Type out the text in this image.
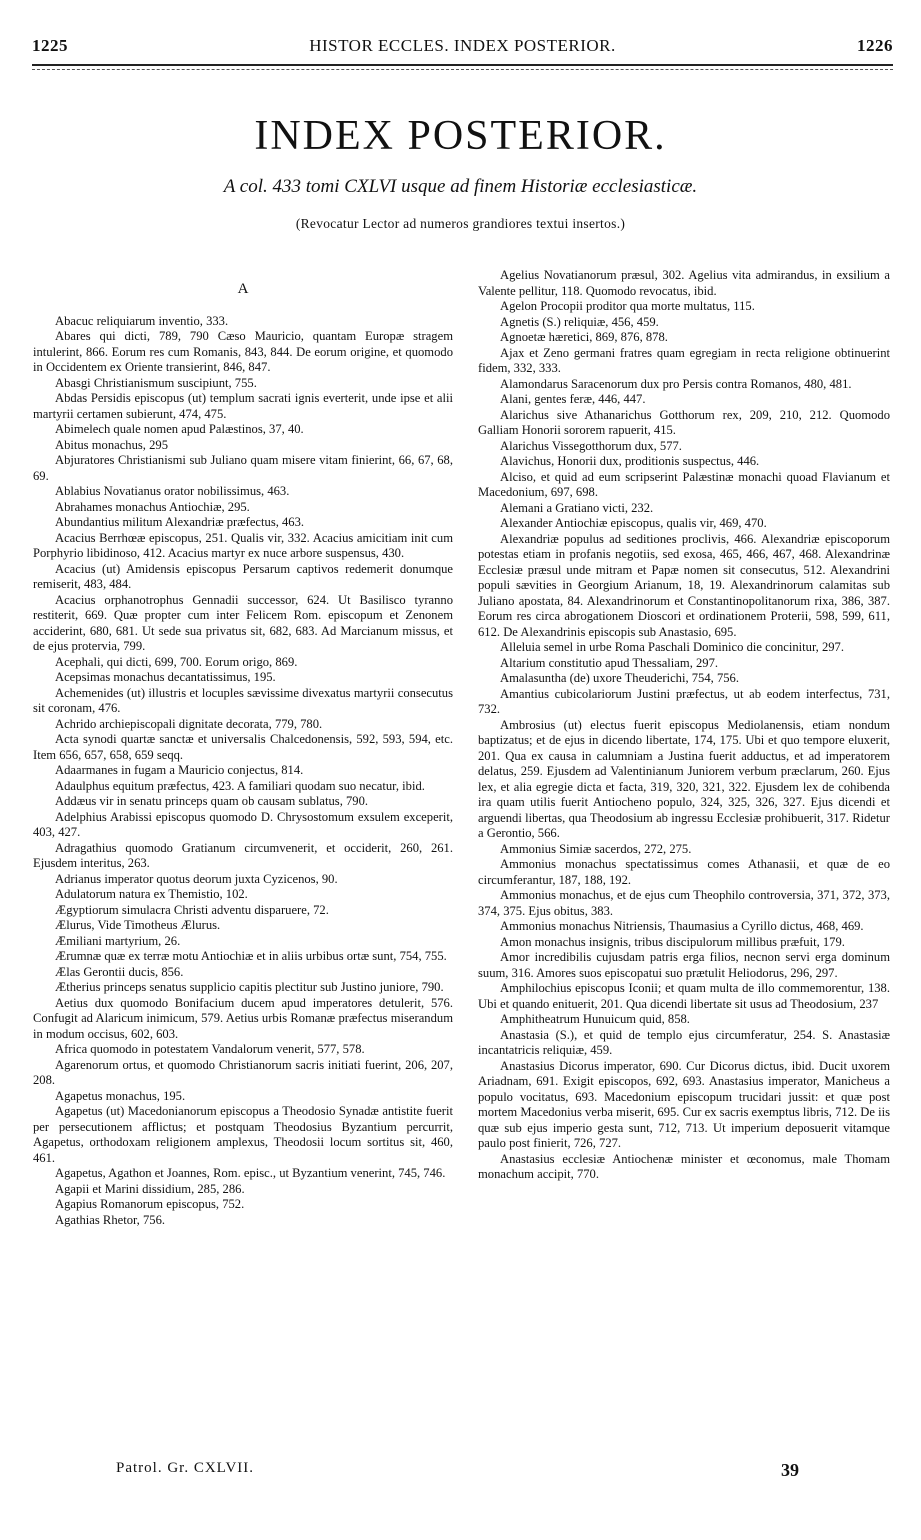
1225	HISTOR ECCLES. INDEX POSTERIOR.	1226
INDEX POSTERIOR.
A col. 433 tomi CXLVI usque ad finem Historiæ ecclesiasticæ.
(Revocatur Lector ad numeros grandiores textui insertos.)
A

Abacuc reliquiarum inventio, 333.

Abares qui dicti, 789, 790 Cæso Mauricio, quantam Europæ stragem intulerint, 866. Eorum res cum Romanis, 843, 844. De eorum origine, et quomodo in Occidentem ex Oriente transierint, 846, 847.

Abasgi Christianismum suscipiunt, 755.

Abdas Persidis episcopus (ut) templum sacrati ignis everterit, unde ipse et alii martyrii certamen subierunt, 474, 475.

Abimelech quale nomen apud Palæstinos, 37, 40.

Abitus monachus, 295

Abjuratores Christianismi sub Juliano quam misere vitam finierint, 66, 67, 68, 69.

Ablabius Novatianus orator nobilissimus, 463.

Abrahames monachus Antiochiæ, 295.

Abundantius militum Alexandriæ præfectus, 463.

Acacius Berrhœæ episcopus, 251. Qualis vir, 332. Acacius amicitiam init cum Porphyrio libidinoso, 412. Acacius martyr ex nuce arbore suspensus, 430.

Acacius (ut) Amidensis episcopus Persarum captivos redemerit donumque remiserit, 483, 484.

Acacius orphanotrophus Gennadii successor, 624. Ut Basilisco tyranno restiterit, 669. Quæ propter cum inter Felicem Rom. episcopum et Zenonem acciderint, 680, 681. Ut sede sua privatus sit, 682, 683. Ad Marcianum missus, et de ejus protervia, 799.

Acephali, qui dicti, 699, 700. Eorum origo, 869.

Acepsimas monachus decantatissimus, 195.

Achemenides (ut) illustris et locuples sævissime divexatus martyrii consecutus sit coronam, 476.

Achrido archiepiscopali dignitate decorata, 779, 780.

Acta synodi quartæ sanctæ et universalis Chalcedonensis, 592, 593, 594, etc. Item 656, 657, 658, 659 seqq.

Adaarmanes in fugam a Mauricio conjectus, 814.

Adaulphus equitum præfectus, 423. A familiari quodam suo necatur, ibid.

Addæus vir in senatu princeps quam ob causam sublatus, 790.

Adelphius Arabissi episcopus quomodo D. Chrysostomum exsulem exceperit, 403, 427.

Adragathius quomodo Gratianum circumvenerit, et occiderit, 260, 261. Ejusdem interitus, 263.

Adrianus imperator quotus deorum juxta Cyzicenos, 90.

Adulatorum natura ex Themistio, 102.

Ægyptiorum simulacra Christi adventu disparuere, 72.

Ælurus, Vide Timotheus Ælurus.

Æmiliani martyrium, 26.

Ærumnæ quæ ex terræ motu Antiochiæ et in aliis urbibus ortæ sunt, 754, 755.

Ælas Gerontii ducis, 856.

Ætherius princeps senatus supplicio capitis plectitur sub Justino juniore, 790.

Aetius dux quomodo Bonifacium ducem apud imperatores detulerit, 576. Confugit ad Alaricum inimicum, 579. Aetius urbis Romanæ præfectus miserandum in modum occisus, 602, 603.

Africa quomodo in potestatem Vandalorum venerit, 577, 578.

Agarenorum ortus, et quomodo Christianorum sacris initiati fuerint, 206, 207, 208.

Agapetus monachus, 195.

Agapetus (ut) Macedonianorum episcopus a Theodosio Synadæ antistite fuerit per persecutionem afflictus; et postquam Theodosius Byzantium percurrit, Agapetus, orthodoxam religionem amplexus, Theodosii locum sortitus sit, 460, 461.

Agapetus, Agathon et Joannes, Rom. episc., ut Byzantium venerint, 745, 746.

Agapii et Marini dissidium, 285, 286.

Agapius Romanorum episcopus, 752.

Agathias Rhetor, 756.

Agelius Novatianorum præsul, 302. Agelius vita admirandus, in exsilium a Valente pellitur, 118. Quomodo revocatus, ibid.

Agelon Procopii proditor qua morte multatus, 115.

Agnetis (S.) reliquiæ, 456, 459.

Agnoetæ hæretici, 869, 876, 878.

Ajax et Zeno germani fratres quam egregiam in recta religione obtinuerint fidem, 332, 333.

Alamondarus Saracenorum dux pro Persis contra Romanos, 480, 481.

Alani, gentes feræ, 446, 447.

Alarichus sive Athanarichus Gotthorum rex, 209, 210, 212. Quomodo Galliam Honorii sororem rapuerit, 415.

Alarichus Vissegotthorum dux, 577.

Alavichus, Honorii dux, proditionis suspectus, 446.

Alciso, et quid ad eum scripserint Palæstinæ monachi quoad Flavianum et Macedonium, 697, 698.

Alemani a Gratiano victi, 232.

Alexander Antiochiæ episcopus, qualis vir, 469, 470.

Alexandriæ populus ad seditiones proclivis, 466. Alexandriæ episcoporum potestas etiam in profanis negotiis, sed exosa, 465, 466, 467, 468. Alexandrinæ Ecclesiæ præsul unde mitram et Papæ nomen sit consecutus, 512. Alexandrini populi sævities in Georgium Arianum, 18, 19. Alexandrinorum calamitas sub Juliano apostata, 84. Alexandrinorum et Constantinopolitanorum rixa, 386, 387. Eorum res circa abrogationem Dioscori et ordinationem Proterii, 598, 599, 611, 612. De Alexandrinis episcopis sub Anastasio, 695.

Alleluia semel in urbe Roma Paschali Dominico die concinitur, 297.

Altarium constitutio apud Thessaliam, 297.

Amalasuntha (de) uxore Theuderichi, 754, 756.

Amantius cubicolariorum Justini præfectus, ut ab eodem interfectus, 731, 732.

Ambrosius (ut) electus fuerit episcopus Mediolanensis, etiam nondum baptizatus; et de ejus in dicendo libertate, 174, 175. Ubi et quo tempore eluxerit, 201. Qua ex causa in calumniam a Justina fuerit adductus, et ad imperatorem delatus, 259. Ejusdem ad Valentinianum Juniorem verbum præclarum, 260. Ejus lex, et alia egregie dicta et facta, 319, 320, 321, 322. Ejusdem lex de cohibenda ira quam utilis fuerit Antiocheno populo, 324, 325, 326, 327. Ejus dicendi et arguendi libertas, qua Theodosium ab ingressu Ecclesiæ prohibuerit, 317. Ridetur a Gerontio, 566.

Ammonius Simiæ sacerdos, 272, 275.

Ammonius monachus spectatissimus comes Athanasii, et quæ de eo circumferantur, 187, 188, 192.

Ammonius monachus, et de ejus cum Theophilo controversia, 371, 372, 373, 374, 375. Ejus obitus, 383.

Ammonius monachus Nitriensis, Thaumasius a Cyrillo dictus, 468, 469.

Amon monachus insignis, tribus discipulorum millibus præfuit, 179.

Amor incredibilis cujusdam patris erga filios, necnon servi erga dominum suum, 316. Amores suos episcopatui suo prætulit Heliodorus, 296, 297.

Amphilochius episcopus Iconii; et quam multa de illo commemorentur, 138. Ubi et quando enituerit, 201. Qua dicendi libertate sit usus ad Theodosium, 237

Amphitheatrum Hunuicum quid, 858.

Anastasia (S.), et quid de templo ejus circumferatur, 254. S. Anastasiæ incantatricis reliquiæ, 459.

Anastasius Dicorus imperator, 690. Cur Dicorus dictus, ibid. Ducit uxorem Ariadnam, 691. Exigit episcopos, 692, 693. Anastasius imperator, Manicheus a populo vocitatus, 693. Macedonium episcopum trucidari jussit: et quæ post mortem Macedonius verba miserit, 695. Cur ex sacris exemptus libris, 712. De iis quæ sub ejus imperio gesta sunt, 712, 713. Ut imperium deposuerit vitamque paulo post finierit, 726, 727.

Anastasius ecclesiæ Antiochenæ minister et œconomus, male Thomam monachum accipit, 770.

Patrol. Gr. CXLVII.	39
